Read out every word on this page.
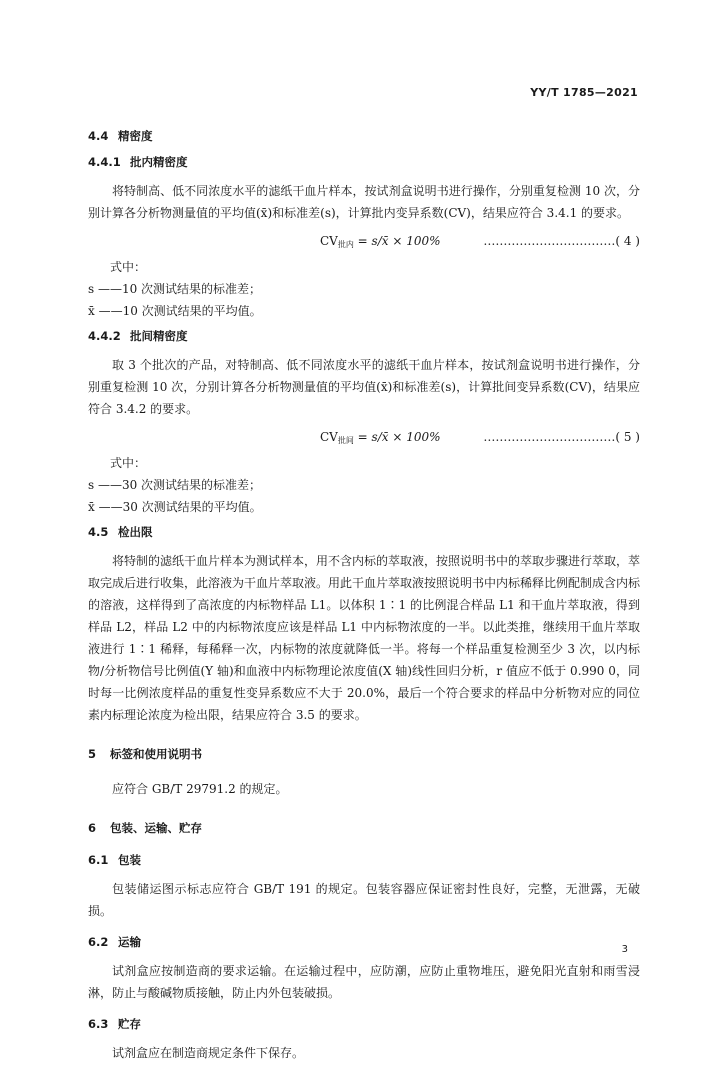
YY/T 1785—2021
4.4 精密度
4.4.1 批内精密度

将特制高、低不同浓度水平的滤纸干血片样本，按试剂盒说明书进行操作，分别重复检测 10 次，分别计算各分析物测量值的平均值(x̄)和标准差(s)，计算批内变异系数(CV)，结果应符合 3.4.1 的要求。

$CV_{批内}$ = s/x̄ × 100%	……………………………( 4 )
式中：
s ——10 次测试结果的标准差；
x̄ ——10 次测试结果的平均值。
4.4.2 批间精密度

取 3 个批次的产品，对特制高、低不同浓度水平的滤纸干血片样本，按试剂盒说明书进行操作，分别重复检测 10 次，分别计算各分析物测量值的平均值(x̄)和标准差(s)，计算批间变异系数(CV)，结果应符合 3.4.2 的要求。

$CV_{批间}$ = s/x̄ × 100%	……………………………( 5 )
式中：
s ——30 次测试结果的标准差；
x̄ ——30 次测试结果的平均值。
4.5 检出限

将特制的滤纸干血片样本为测试样本，用不含内标的萃取液，按照说明书中的萃取步骤进行萃取，萃取完成后进行收集，此溶液为干血片萃取液。用此干血片萃取液按照说明书中内标稀释比例配制成含内标的溶液，这样得到了高浓度的内标物样品 L1。以体积 1∶1 的比例混合样品 L1 和干血片萃取液，得到样品 L2，样品 L2 中的内标物浓度应该是样品 L1 中内标物浓度的一半。以此类推，继续用干血片萃取液进行 1∶1 稀释，每稀释一次，内标物的浓度就降低一半。将每一个样品重复检测至少 3 次，以内标物/分析物信号比例值(Y 轴)和血液中内标物理论浓度值(X 轴)线性回归分析，r 值应不低于 0.990 0，同时每一比例浓度样品的重复性变异系数应不大于 20.0%，最后一个符合要求的样品中分析物对应的同位素内标理论浓度为检出限，结果应符合 3.5 的要求。

5 标签和使用说明书

应符合 GB/T 29791.2 的规定。

6 包装、运输、贮存
6.1 包装

包装储运图示标志应符合 GB/T 191 的规定。包装容器应保证密封性良好，完整，无泄露，无破损。

6.2 运输

试剂盒应按制造商的要求运输。在运输过程中，应防潮，应防止重物堆压，避免阳光直射和雨雪浸淋，防止与酸碱物质接触，防止内外包装破损。

6.3 贮存

试剂盒应在制造商规定条件下保存。

3
